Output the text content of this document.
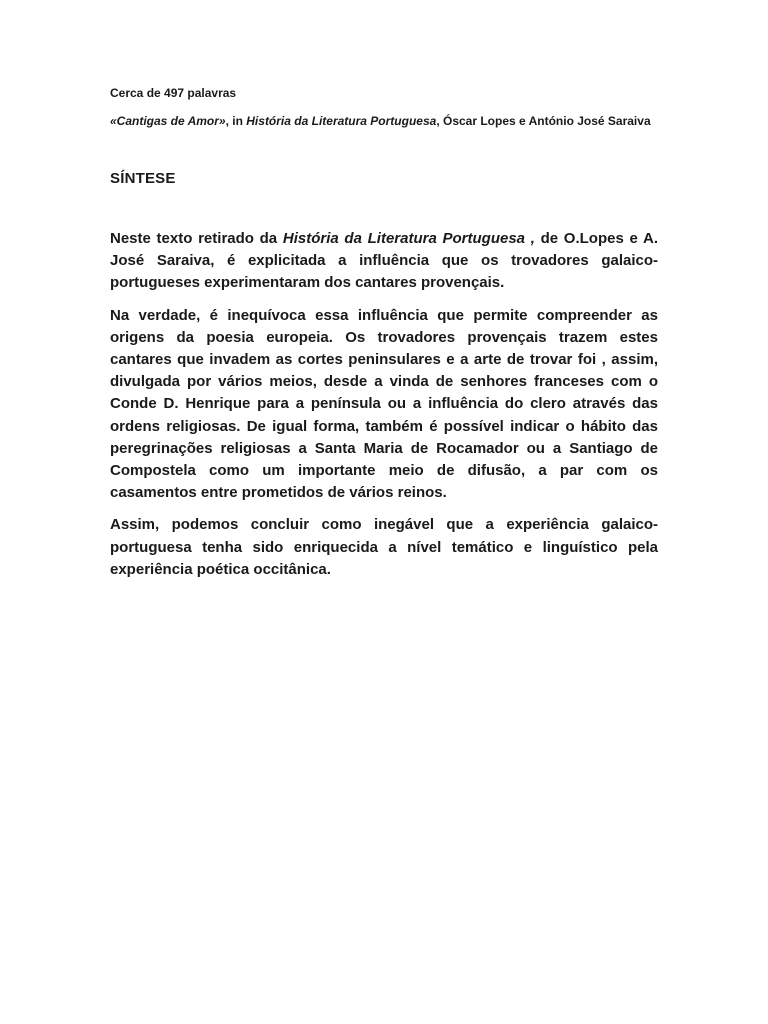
Cerca de 497 palavras
«Cantigas de Amor», in História da Literatura Portuguesa, Óscar Lopes e António José Saraiva
SÍNTESE

Neste texto retirado da História da Literatura Portuguesa , de O.Lopes e A. José Saraiva, é explicitada a influência que os trovadores galaico-portugueses experimentaram dos cantares provençais.

Na verdade, é inequívoca essa influência que permite compreender as origens da poesia europeia. Os trovadores provençais trazem estes cantares que invadem as cortes peninsulares e a arte de trovar foi , assim, divulgada por vários meios, desde a vinda de senhores franceses com o Conde D. Henrique para a península ou a influência do clero através das ordens religiosas. De igual forma, também é possível indicar o hábito das peregrinações religiosas a Santa Maria de Rocamador ou a Santiago de Compostela como um importante meio de difusão, a par com os casamentos entre prometidos de vários reinos.

Assim, podemos concluir como inegável que a experiência galaico-portuguesa tenha sido enriquecida a nível temático e linguístico pela experiência poética occitânica.
